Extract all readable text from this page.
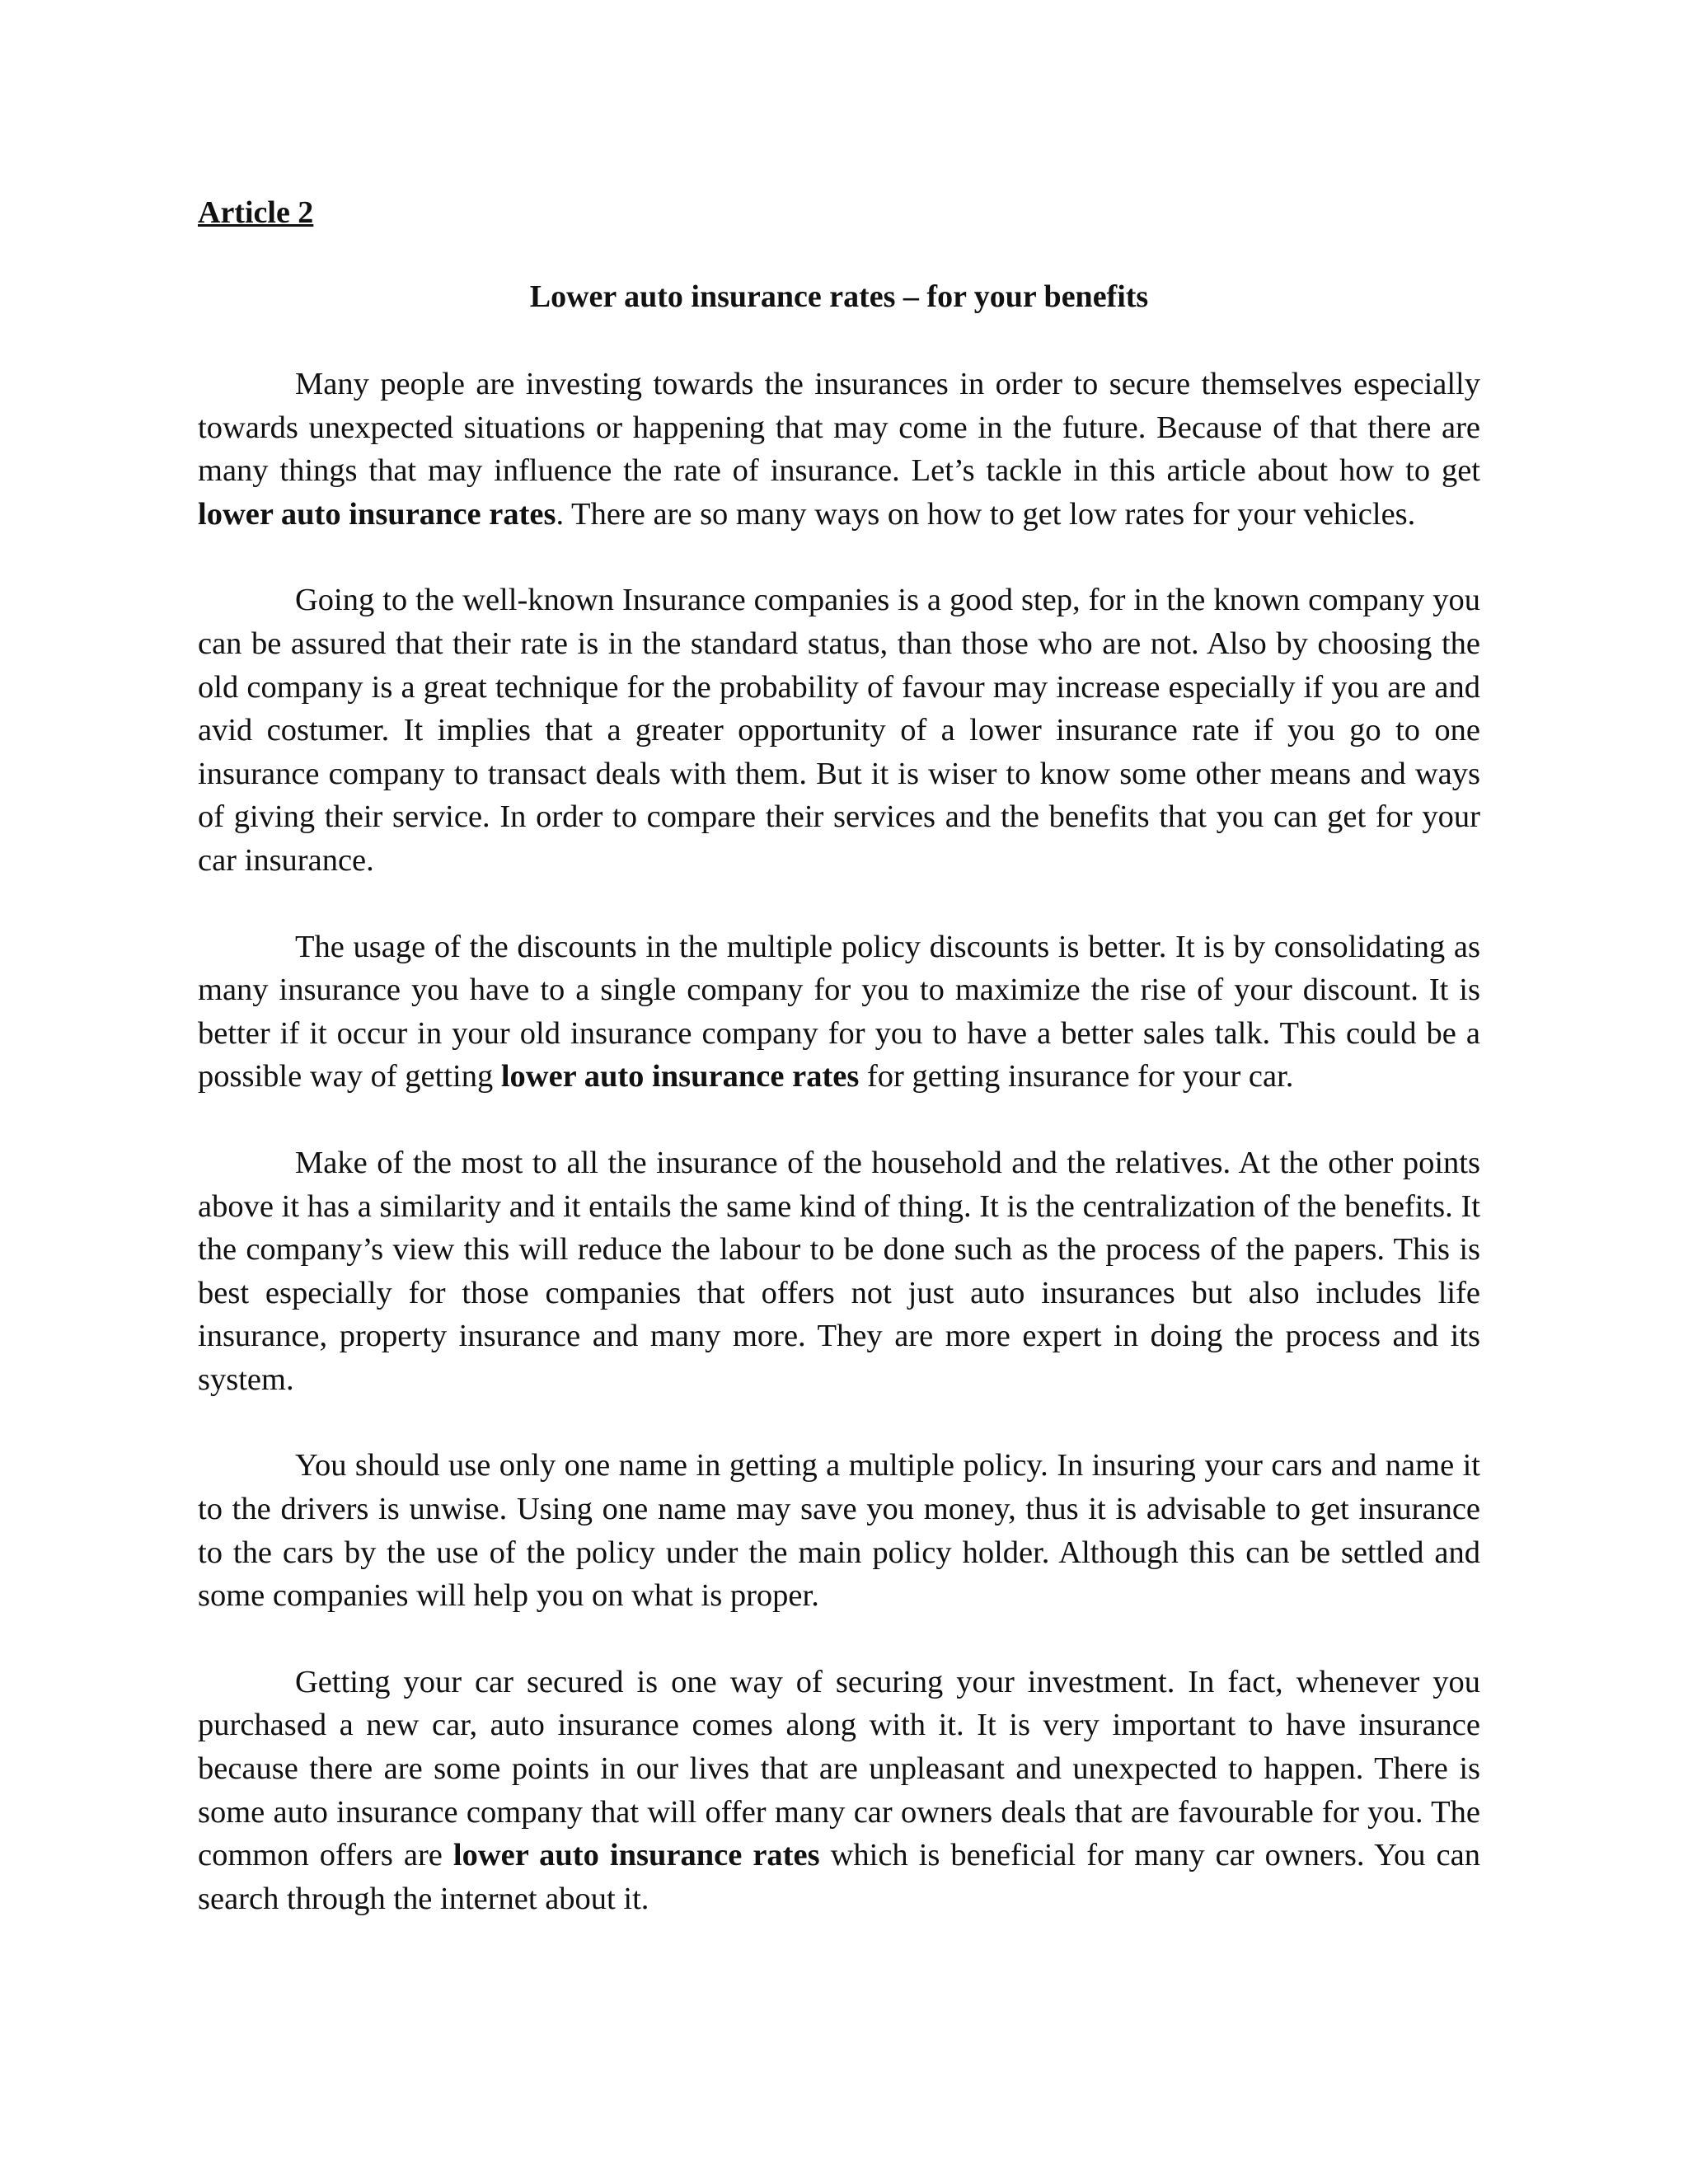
Article 2

Lower auto insurance rates – for your benefits

Many people are investing towards the insurances in order to secure themselves especially towards unexpected situations or happening that may come in the future. Because of that there are many things that may influence the rate of insurance. Let’s tackle in this article about how to get lower auto insurance rates. There are so many ways on how to get low rates for your vehicles.

Going to the well-known Insurance companies is a good step, for in the known company you can be assured that their rate is in the standard status, than those who are not. Also by choosing the old company is a great technique for the probability of favour may increase especially if you are and avid costumer. It implies that a greater opportunity of a lower insurance rate if you go to one insurance company to transact deals with them. But it is wiser to know some other means and ways of giving their service. In order to compare their services and the benefits that you can get for your car insurance.

The usage of the discounts in the multiple policy discounts is better. It is by consolidating as many insurance you have to a single company for you to maximize the rise of your discount. It is better if it occur in your old insurance company for you to have a better sales talk. This could be a possible way of getting lower auto insurance rates for getting insurance for your car.

Make of the most to all the insurance of the household and the relatives. At the other points above it has a similarity and it entails the same kind of thing. It is the centralization of the benefits. It the company’s view this will reduce the labour to be done such as the process of the papers. This is best especially for those companies that offers not just auto insurances but also includes life insurance, property insurance and many more. They are more expert in doing the process and its system.

You should use only one name in getting a multiple policy. In insuring your cars and name it to the drivers is unwise. Using one name may save you money, thus it is advisable to get insurance to the cars by the use of the policy under the main policy holder. Although this can be settled and some companies will help you on what is proper.

Getting your car secured is one way of securing your investment. In fact, whenever you purchased a new car, auto insurance comes along with it. It is very important to have insurance because there are some points in our lives that are unpleasant and unexpected to happen. There is some auto insurance company that will offer many car owners deals that are favourable for you. The common offers are lower auto insurance rates which is beneficial for many car owners. You can search through the internet about it.
